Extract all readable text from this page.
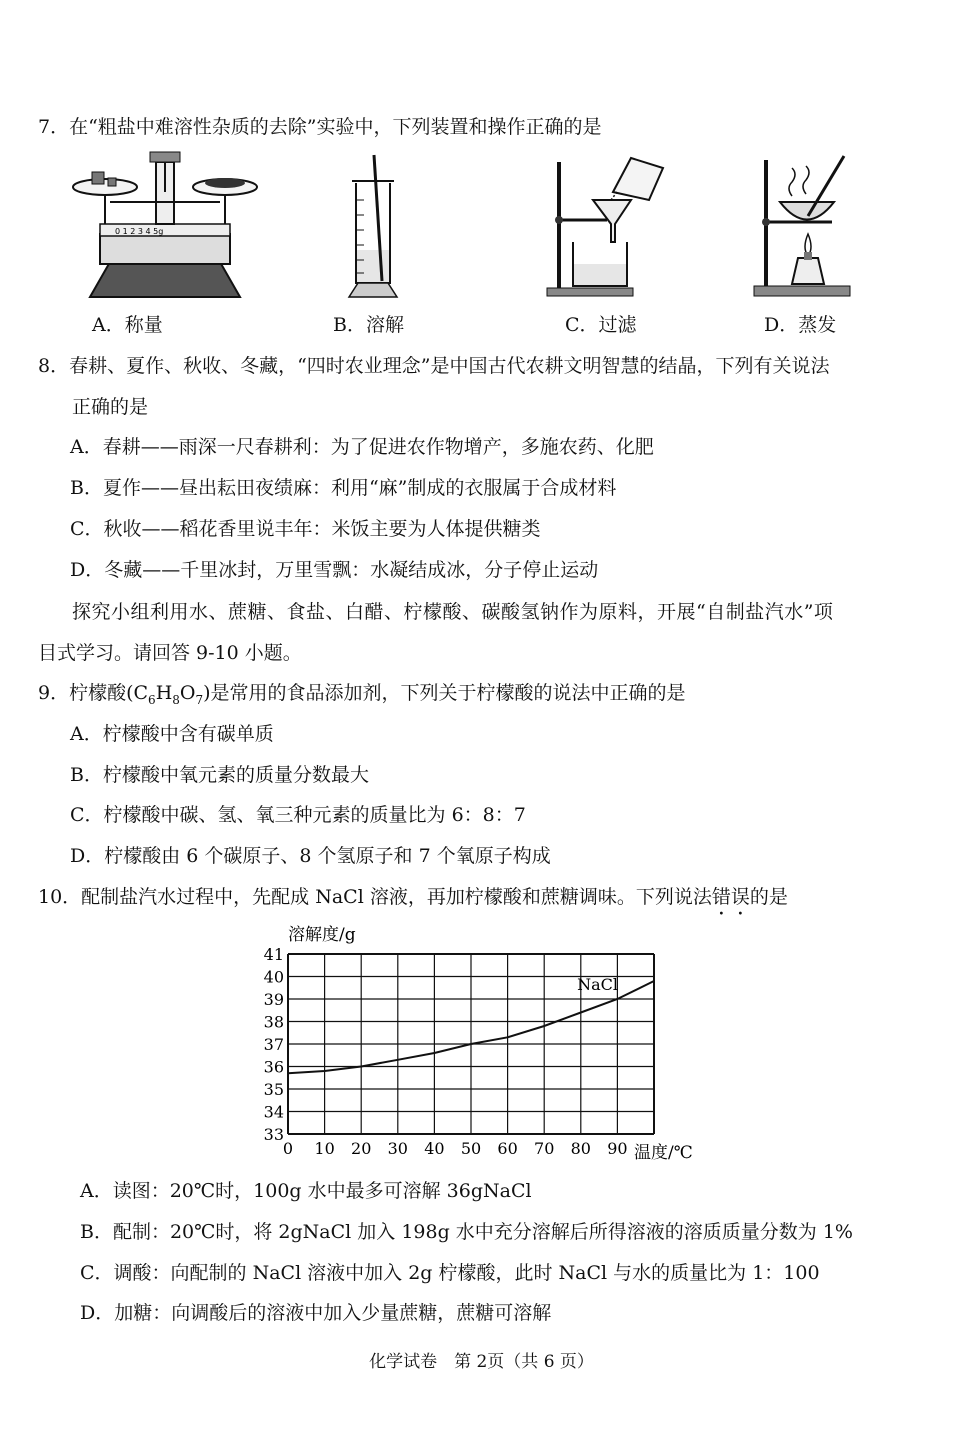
7．在“粗盐中难溶性杂质的去除”实验中，下列装置和操作正确的是
0 1 2 3 4 5g
A．称量	B．溶解	C．过滤	D．蒸发
8．春耕、夏作、秋收、冬藏，“四时农业理念”是中国古代农耕文明智慧的结晶，下列有关说法
正确的是
A．春耕——雨深一尺春耕利：为了促进农作物增产，多施农药、化肥
B．夏作——昼出耘田夜绩麻：利用“麻”制成的衣服属于合成材料
C．秋收——稻花香里说丰年：米饭主要为人体提供糖类
D．冬藏——千里冰封，万里雪飘：水凝结成冰，分子停止运动
探究小组利用水、蔗糖、食盐、白醋、柠檬酸、碳酸氢钠作为原料，开展“自制盐汽水”项
目式学习。请回答 9-10 小题。
9．柠檬酸$(C_6H_8O_7)$是常用的食品添加剂，下列关于柠檬酸的说法中正确的是
A．柠檬酸中含有碳单质
B．柠檬酸中氧元素的质量分数最大
C．柠檬酸中碳、氢、氧三种元素的质量比为 6：8：7
D．柠檬酸由 6 个碳原子、8 个氢原子和 7 个氧原子构成
10．配制盐汽水过程中，先配成 NaCl 溶液，再加柠檬酸和蔗糖调味。下列说法错误的是
0 10 20 30 40 50 60 70 80 90
33
34
35
36
37
38
39
40
41
溶解度/g
温度/℃
NaCl
A．读图：20℃时，100g 水中最多可溶解 36gNaCl
B．配制：20℃时，将 2gNaCl 加入 198g 水中充分溶解后所得溶液的溶质质量分数为 1%
C．调酸：向配制的 NaCl 溶液中加入 2g 柠檬酸，此时 NaCl 与水的质量比为 1：100
D．加糖：向调酸后的溶液中加入少量蔗糖，蔗糖可溶解
化学试卷　第 2页（共 6 页）
